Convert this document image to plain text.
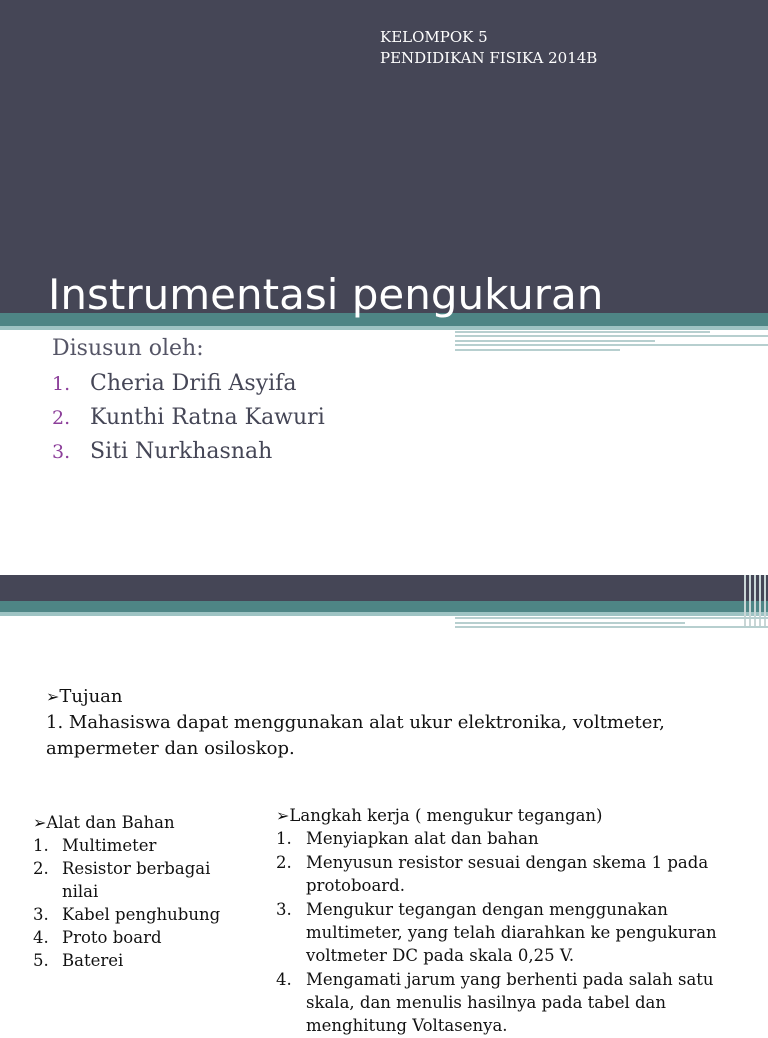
KELOMPOK 5
PENDIDIKAN FISIKA 2014B
Instrumentasi pengukuran
Disusun oleh:
1. Cheria Drifi Asyifa
2. Kunthi Ratna Kawuri
3. Siti Nurkhasnah
➢Tujuan
1. Mahasiswa dapat menggunakan alat ukur elektronika, voltmeter, ampermeter dan osiloskop.
➢Alat dan Bahan
1. Multimeter
2. Resistor berbagai nilai
3. Kabel penghubung
4. Proto board
5. Baterei
➢Langkah kerja ( mengukur tegangan)
1. Menyiapkan alat dan bahan
2. Menyusun resistor sesuai dengan skema 1 pada protoboard.
3. Mengukur tegangan dengan menggunakan multimeter, yang telah diarahkan ke pengukuran voltmeter DC pada skala 0,25 V.
4. Mengamati jarum yang berhenti pada salah satu skala, dan menulis hasilnya pada tabel dan menghitung Voltasenya.
